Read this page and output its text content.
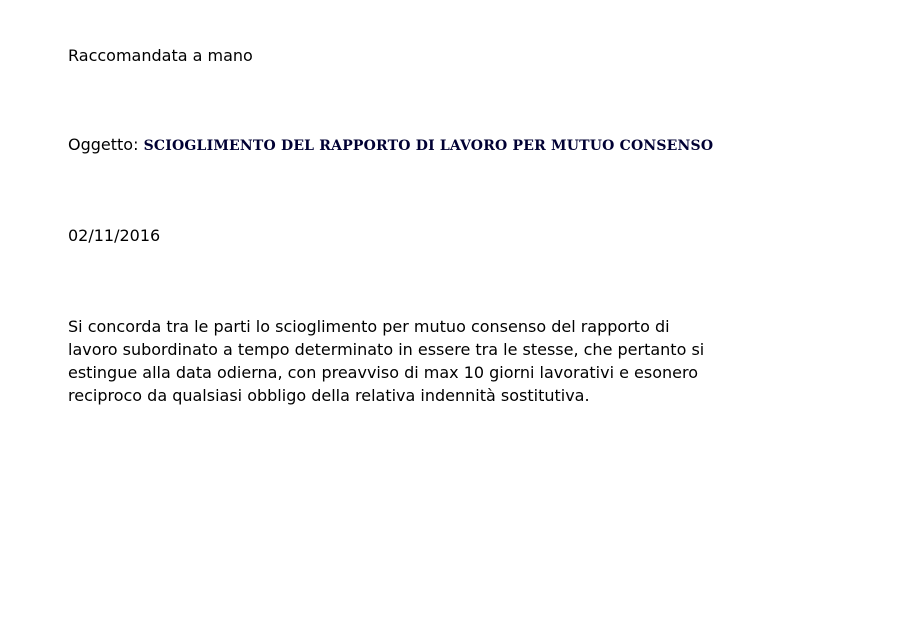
Raccomandata a mano
Oggetto: SCIOGLIMENTO DEL RAPPORTO DI LAVORO PER MUTUO CONSENSO
02/11/2016
Si concorda tra le parti lo scioglimento per mutuo consenso del rapporto di
lavoro subordinato a tempo determinato in essere tra le stesse, che pertanto si
estingue alla data odierna, con preavviso di max 10 giorni lavorativi e esonero
reciproco da qualsiasi obbligo della relativa indennità sostitutiva.
